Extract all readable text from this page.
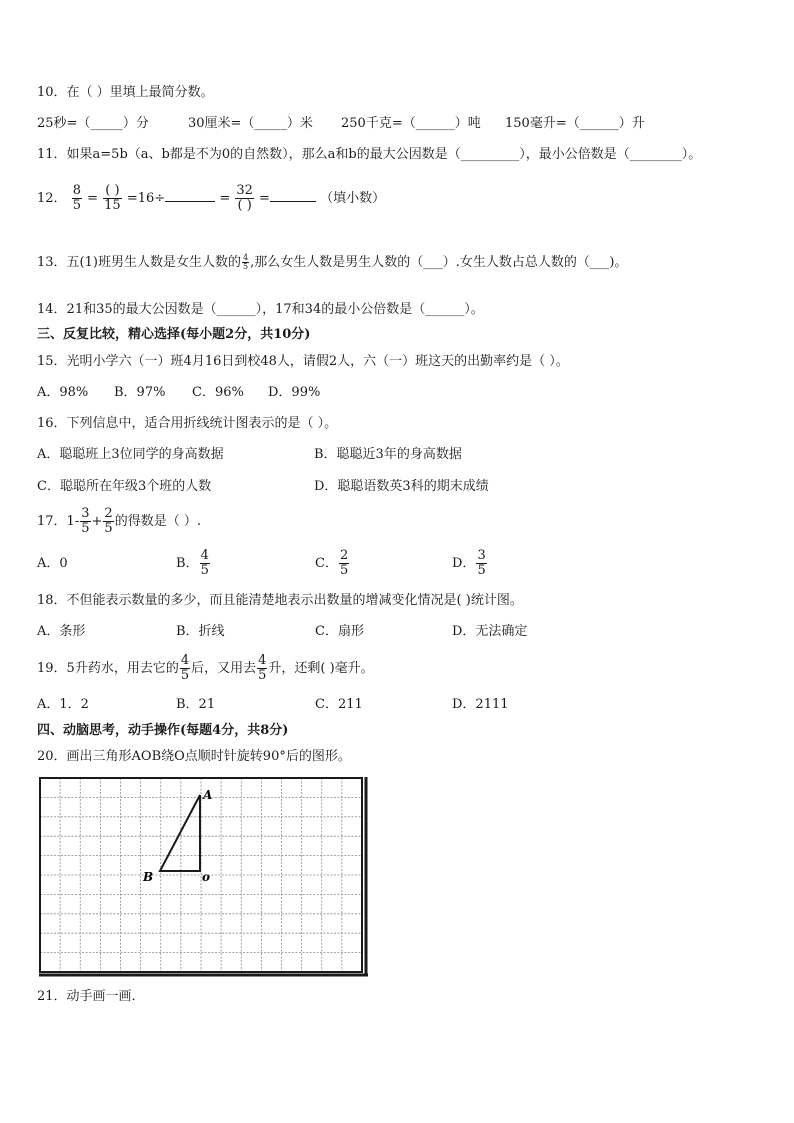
10．在（ ）里填上最简分数。
25秒=（_____）分	30厘米=（_____）米 250千克=（______）吨 150毫升=（______）升
11．如果a=5b（a、b都是不为0的自然数），那么a和b的最大公因数是（_________），最小公倍数是（________）。
12． $\frac{8}{5}$ =
( )
15 =16÷	=
32
( ) =	（填小数）
13．五(1)班男生人数是女生人数的 $\frac{4}{5}$ ,那么女生人数是男生人数的（___）.女生人数占总人数的（___)。
14．21和35的最大公因数是（______），17和34的最小公倍数是（______）。
三、反复比较，精心选择(每小题2分，共10分)
15．光明小学六（一）班4月16日到校48人，请假2人，六（一）班这天的出勤率约是（ ）。
A．98% B．97% C．96% D．99%
16．下列信息中，适合用折线统计图表示的是（ ）。
A．聪聪班上3位同学的身高数据	B．聪聪近3年的身高数据
C．聪聪所在年级3个班的人数	D．聪聪语数英3科的期末成绩
17．$1- \frac{3}{5} + \frac{2}{5}$ 的得数是（ ）.
A．0	B． $\frac{4}{5}$	C． $\frac{2}{5}$	D． $\frac{3}{5}$
18．不但能表示数量的多少，而且能清楚地表示出数量的增减变化情况是( )统计图。
A．条形	B．折线	C．扇形	D．无法确定
19．5升药水，用去它的 $\frac{4}{5}$ 后，又用去 $\frac{4}{5}$ 升，还剩( )毫升。
A．1．2	B．21	C．211	D．2111
四、动脑思考，动手操作(每题4分，共8分)
20．画出三角形AOB绕O点顺时针旋转90°后的图形。
A
B	o
21．动手画一画．
